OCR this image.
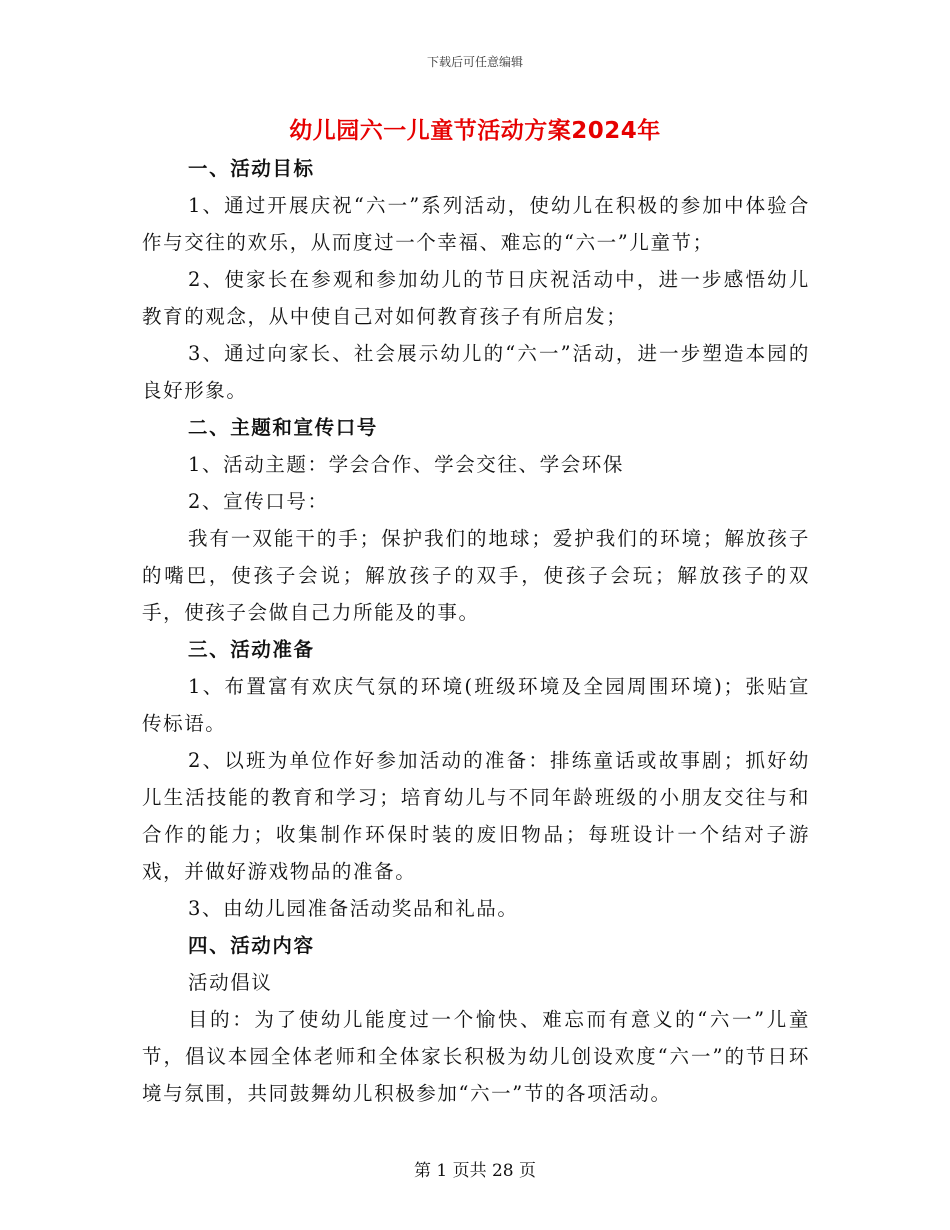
下载后可任意编辑
幼儿园六一儿童节活动方案2024年
一、活动目标

1、通过开展庆祝“六一”系列活动，使幼儿在积极的参加中体验合作与交往的欢乐，从而度过一个幸福、难忘的“六一”儿童节；

2、使家长在参观和参加幼儿的节日庆祝活动中，进一步感悟幼儿教育的观念，从中使自己对如何教育孩子有所启发；

3、通过向家长、社会展示幼儿的“六一”活动，进一步塑造本园的良好形象。

二、主题和宣传口号

1、活动主题：学会合作、学会交往、学会环保

2、宣传口号：

我有一双能干的手；保护我们的地球；爱护我们的环境；解放孩子的嘴巴，使孩子会说；解放孩子的双手，使孩子会玩；解放孩子的双手，使孩子会做自己力所能及的事。

三、活动准备

1、布置富有欢庆气氛的环境(班级环境及全园周围环境)；张贴宣传标语。

2、以班为单位作好参加活动的准备：排练童话或故事剧；抓好幼儿生活技能的教育和学习；培育幼儿与不同年龄班级的小朋友交往与和合作的能力；收集制作环保时装的废旧物品；每班设计一个结对子游戏，并做好游戏物品的准备。

3、由幼儿园准备活动奖品和礼品。

四、活动内容

活动倡议

目的：为了使幼儿能度过一个愉快、难忘而有意义的“六一”儿童节，倡议本园全体老师和全体家长积极为幼儿创设欢度“六一”的节日环境与氛围，共同鼓舞幼儿积极参加“六一”节的各项活动。

第 1 页共 28 页
